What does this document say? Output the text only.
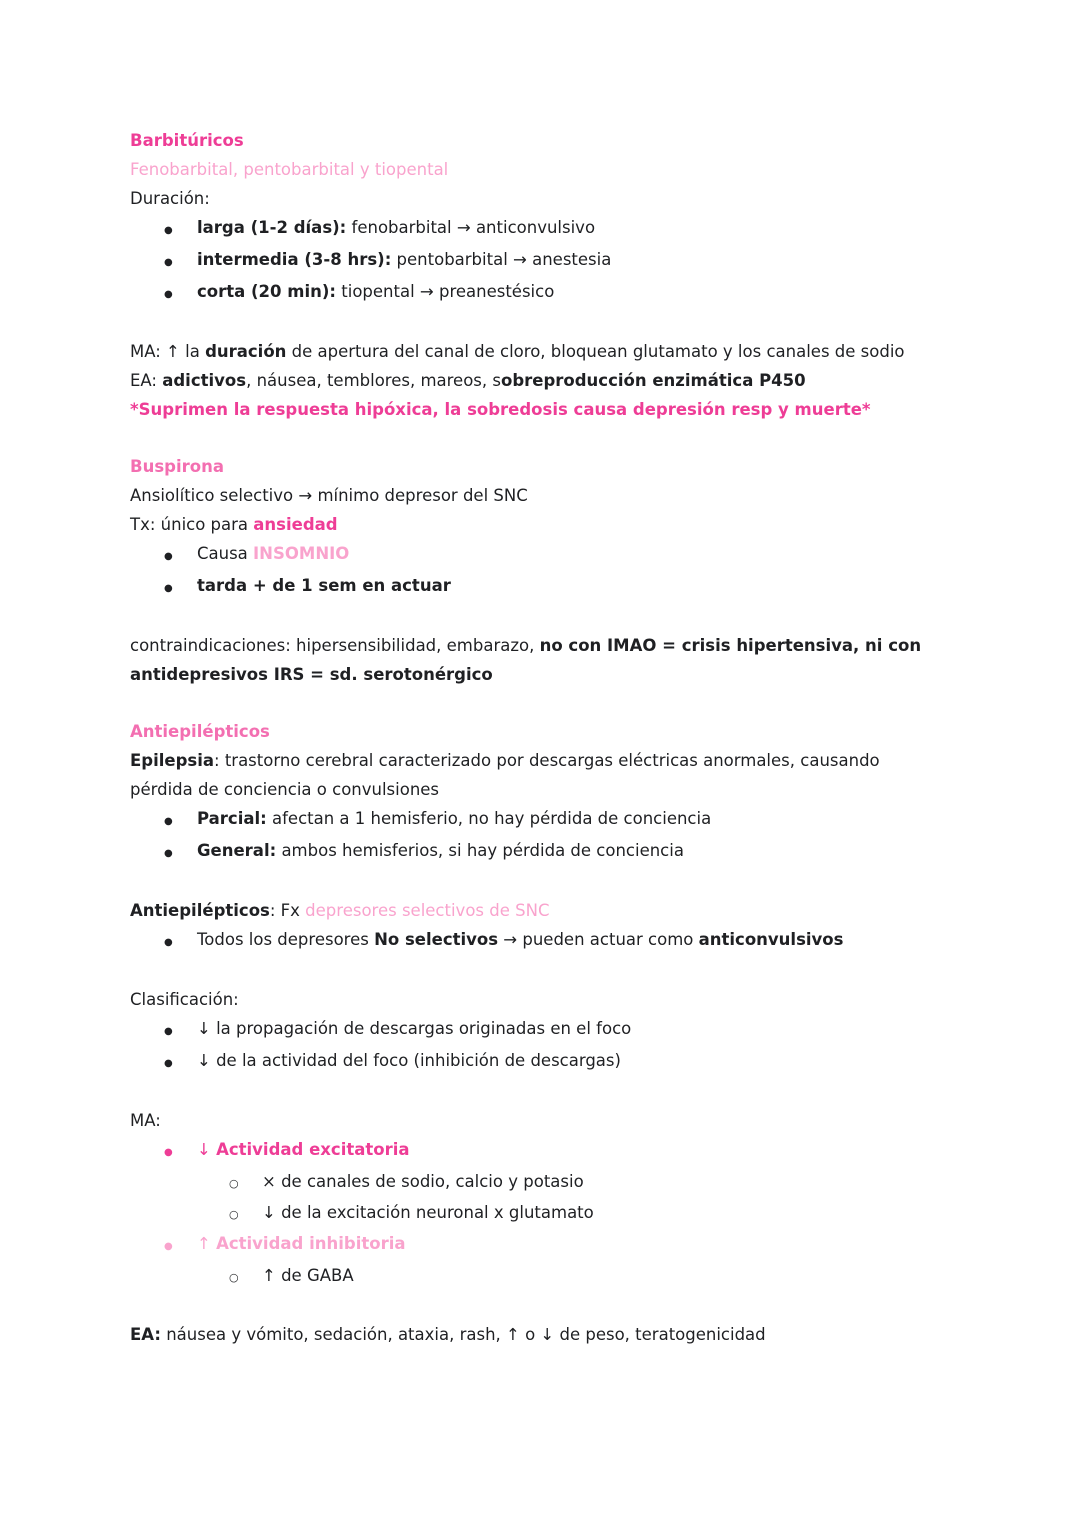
Barbitúricos

Fenobarbital, pentobarbital y tiopental

Duración:

●
larga (1-2 días): fenobarbital → anticonvulsivo
●
intermedia (3-8 hrs): pentobarbital → anestesia
●
corta (20 min): tiopental → preanestésico

MA: ↑ la duración de apertura del canal de cloro, bloquean glutamato y los canales de sodio

EA: adictivos, náusea, temblores, mareos, sobreproducción enzimática P450

*Suprimen la respuesta hipóxica, la sobredosis causa depresión resp y muerte*

Buspirona

Ansiolítico selectivo → mínimo depresor del SNC

Tx: único para ansiedad

●
Causa INSOMNIO
●
tarda + de 1 sem en actuar

contraindicaciones: hipersensibilidad, embarazo, no con IMAO = crisis hipertensiva, ni con antidepresivos IRS = sd. serotonérgico

Antiepilépticos

Epilepsia: trastorno cerebral caracterizado por descargas eléctricas anormales, causando pérdida de conciencia o convulsiones

●
Parcial: afectan a 1 hemisferio, no hay pérdida de conciencia
●
General: ambos hemisferios, si hay pérdida de conciencia

Antiepilépticos: Fx depresores selectivos de SNC

●
Todos los depresores No selectivos → pueden actuar como anticonvulsivos

Clasificación:

●
↓ la propagación de descargas originadas en el foco
●
↓ de la actividad del foco (inhibición de descargas)

MA:

●
↓ Actividad excitatoria
○
× de canales de sodio, calcio y potasio
○
↓ de la excitación neuronal x glutamato
●
↑ Actividad inhibitoria
○
↑ de GABA

EA: náusea y vómito, sedación, ataxia, rash, ↑ o ↓ de peso, teratogenicidad
